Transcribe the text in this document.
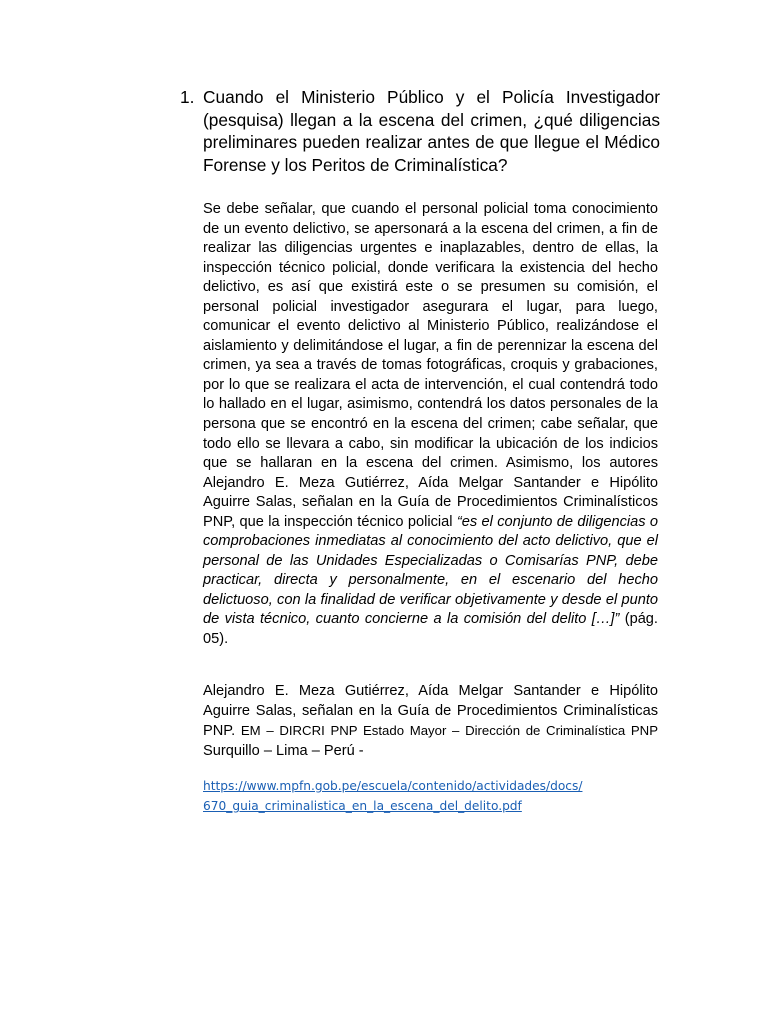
1. Cuando el Ministerio Público y el Policía Investigador (pesquisa) llegan a la escena del crimen, ¿qué diligencias preliminares pueden realizar antes de que llegue el Médico Forense y los Peritos de Criminalística?
Se debe señalar, que cuando el personal policial toma conocimiento de un evento delictivo, se apersonará a la escena del crimen, a fin de realizar las diligencias urgentes e inaplazables, dentro de ellas, la inspección técnico policial, donde verificara la existencia del hecho delictivo, es así que existirá este o se presumen su comisión, el personal policial investigador asegurara el lugar, para luego, comunicar el evento delictivo al Ministerio Público, realizándose el aislamiento y delimitándose el lugar, a fin de perennizar la escena del crimen, ya sea a través de tomas fotográficas, croquis y grabaciones, por lo que se realizara el acta de intervención, el cual contendrá todo lo hallado en el lugar, asimismo, contendrá los datos personales de la persona que se encontró en la escena del crimen; cabe señalar, que todo ello se llevara a cabo, sin modificar la ubicación de los indicios que se hallaran en la escena del crimen. Asimismo, los autores Alejandro E. Meza Gutiérrez, Aída Melgar Santander e Hipólito Aguirre Salas, señalan en la Guía de Procedimientos Criminalísticos PNP, que la inspección técnico policial “es el conjunto de diligencias o comprobaciones inmediatas al conocimiento del acto delictivo, que el personal de las Unidades Especializadas o Comisarías PNP, debe practicar, directa y personalmente, en el escenario del hecho delictuoso, con la finalidad de verificar objetivamente y desde el punto de vista técnico, cuanto concierne a la comisión del delito […]” (pág. 05).
Alejandro E. Meza Gutiérrez, Aída Melgar Santander e Hipólito Aguirre Salas, señalan en la Guía de Procedimientos Criminalísticas PNP. EM – DIRCRI PNP Estado Mayor – Dirección de Criminalística PNP Surquillo – Lima – Perú -
https://www.mpfn.gob.pe/escuela/contenido/actividades/docs/
670_guia_criminalistica_en_la_escena_del_delito.pdf
